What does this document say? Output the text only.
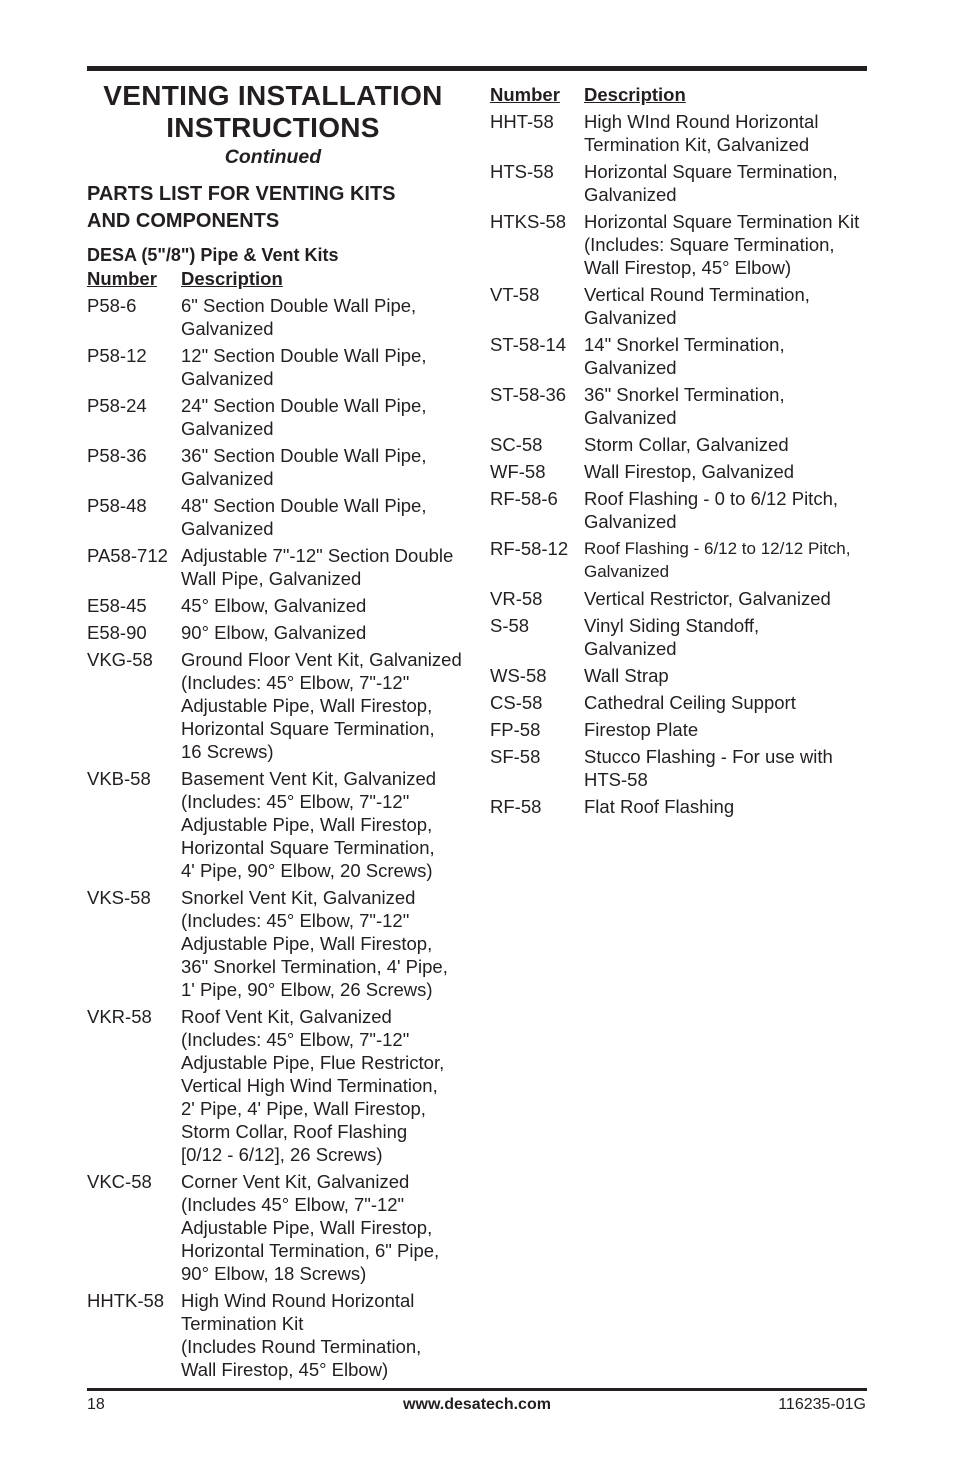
VENTING INSTALLATION
INSTRUCTIONS
Continued
PARTS LIST FOR VENTING KITS
AND COMPONENTS
DESA (5"/8") Pipe & Vent Kits
Number	Description
P58-6	6" Section Double Wall Pipe,
Galvanized
P58-12	12" Section Double Wall Pipe,
Galvanized
P58-24	24" Section Double Wall Pipe,
Galvanized
P58-36	36" Section Double Wall Pipe,
Galvanized
P58-48	48" Section Double Wall Pipe,
Galvanized
PA58-712 Adjustable 7"-12" Section Double
Wall Pipe, Galvanized
E58-45	45° Elbow, Galvanized
E58-90	90° Elbow, Galvanized
VKG-58	Ground Floor Vent Kit, Galvanized
(Includes: 45° Elbow, 7"-12"
Adjustable Pipe, Wall Firestop,
Horizontal Square Termination,
16 Screws)
VKB-58	Basement Vent Kit, Galvanized
(Includes: 45° Elbow, 7"-12"
Adjustable Pipe, Wall Firestop,
Horizontal Square Termination,
4' Pipe, 90° Elbow, 20 Screws)
VKS-58	Snorkel Vent Kit, Galvanized
(Includes: 45° Elbow, 7"-12"
Adjustable Pipe, Wall Firestop,
36" Snorkel Termination, 4' Pipe,
1' Pipe, 90° Elbow, 26 Screws)
VKR-58	Roof Vent Kit, Galvanized
(Includes: 45° Elbow, 7"-12"
Adjustable Pipe, Flue Restrictor,
Vertical High Wind Termination,
2' Pipe, 4' Pipe, Wall Firestop,
Storm Collar, Roof Flashing
[0/12 - 6/12], 26 Screws)
VKC-58	Corner Vent Kit, Galvanized
(Includes 45° Elbow, 7"-12"
Adjustable Pipe, Wall Firestop,
Horizontal Termination, 6" Pipe,
90° Elbow, 18 Screws)
HHTK-58 High Wind Round Horizontal
Termination Kit
(Includes Round Termination,
Wall Firestop, 45° Elbow)
Number	Description
HHT-58	High WInd Round Horizontal
Termination Kit, Galvanized
HTS-58	Horizontal Square Termination,
Galvanized
HTKS-58 Horizontal Square Termination Kit
(Includes: Square Termination,
Wall Firestop, 45° Elbow)
VT-58	Vertical Round Termination,
Galvanized
ST-58-14 14" Snorkel Termination,
Galvanized
ST-58-36 36" Snorkel Termination,
Galvanized
SC-58	Storm Collar, Galvanized
WF-58	Wall Firestop, Galvanized
RF-58-6	Roof Flashing - 0 to 6/12 Pitch,
Galvanized
RF-58-12 Roof Flashing - 6/12 to 12/12 Pitch,
Galvanized
VR-58	Vertical Restrictor, Galvanized
S-58	Vinyl Siding Standoff,
Galvanized
WS-58	Wall Strap
CS-58	Cathedral Ceiling Support
FP-58	Firestop Plate
SF-58	Stucco Flashing - For use with
HTS-58
RF-58	Flat Roof Flashing
18	www.desatech.com	116235-01G
